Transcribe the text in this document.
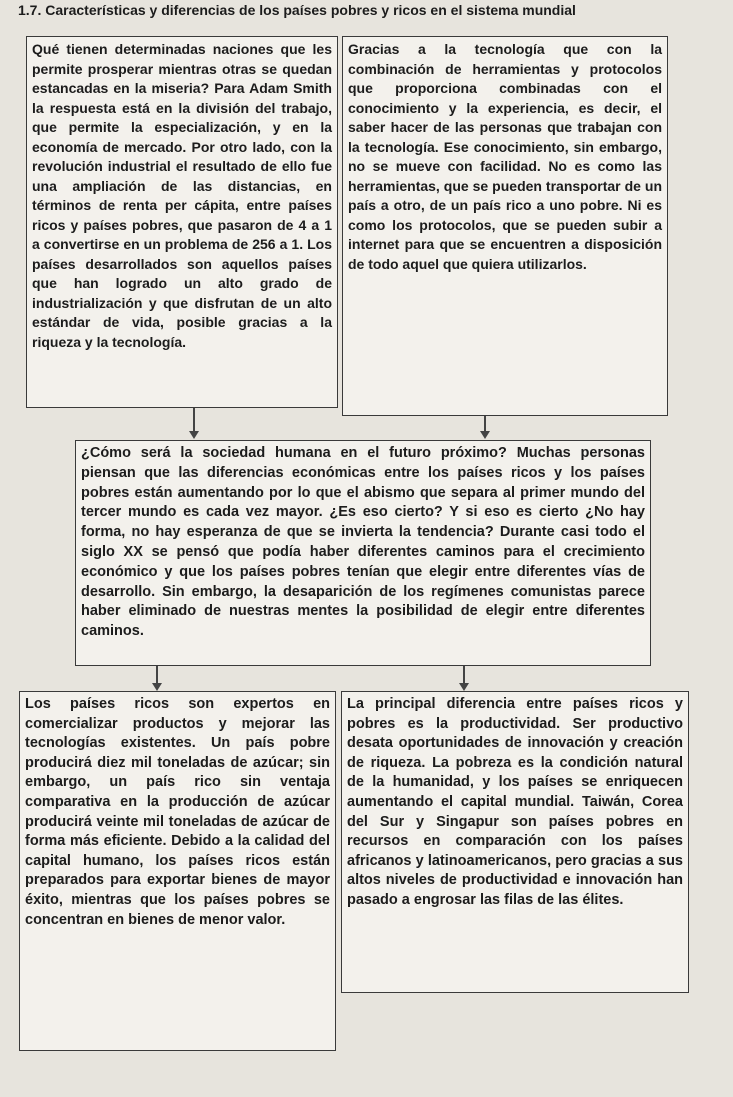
1.7. Características y diferencias de los países pobres y ricos en el sistema mundial
Qué tienen determinadas naciones que les permite prosperar mientras otras se quedan estancadas en la miseria? Para Adam Smith la respuesta está en la división del trabajo, que permite la especialización, y en la economía de mercado. Por otro lado, con la revolución industrial el resultado de ello fue una ampliación de las distancias, en términos de renta per cápita, entre países ricos y países pobres, que pasaron de 4 a 1 a convertirse en un problema de 256 a 1. Los países desarrollados son aquellos países que han logrado un alto grado de industrialización y que disfrutan de un alto estándar de vida, posible gracias a la riqueza y la tecnología.
Gracias a la tecnología que con la combinación de herramientas y protocolos que proporciona combinadas con el conocimiento y la experiencia, es decir, el saber hacer de las personas que trabajan con la tecnología. Ese conocimiento, sin embargo, no se mueve con facilidad. No es como las herramientas, que se pueden transportar de un país a otro, de un país rico a uno pobre. Ni es como los protocolos, que se pueden subir a internet para que se encuentren a disposición de todo aquel que quiera utilizarlos.
¿Cómo será la sociedad humana en el futuro próximo? Muchas personas piensan que las diferencias económicas entre los países ricos y los países pobres están aumentando por lo que el abismo que separa al primer mundo del tercer mundo es cada vez mayor. ¿Es eso cierto? Y si eso es cierto ¿No hay forma, no hay esperanza de que se invierta la tendencia? Durante casi todo el siglo XX se pensó que podía haber diferentes caminos para el crecimiento económico y que los países pobres tenían que elegir entre diferentes vías de desarrollo. Sin embargo, la desaparición de los regímenes comunistas parece haber eliminado de nuestras mentes la posibilidad de elegir entre diferentes caminos.
Los países ricos son expertos en comercializar productos y mejorar las tecnologías existentes. Un país pobre producirá diez mil toneladas de azúcar; sin embargo, un país rico sin ventaja comparativa en la producción de azúcar producirá veinte mil toneladas de azúcar de forma más eficiente. Debido a la calidad del capital humano, los países ricos están preparados para exportar bienes de mayor éxito, mientras que los países pobres se concentran en bienes de menor valor.
La principal diferencia entre países ricos y pobres es la productividad. Ser productivo desata oportunidades de innovación y creación de riqueza. La pobreza es la condición natural de la humanidad, y los países se enriquecen aumentando el capital mundial. Taiwán, Corea del Sur y Singapur son países pobres en recursos en comparación con los países africanos y latinoamericanos, pero gracias a sus altos niveles de productividad e innovación han pasado a engrosar las filas de las élites.
